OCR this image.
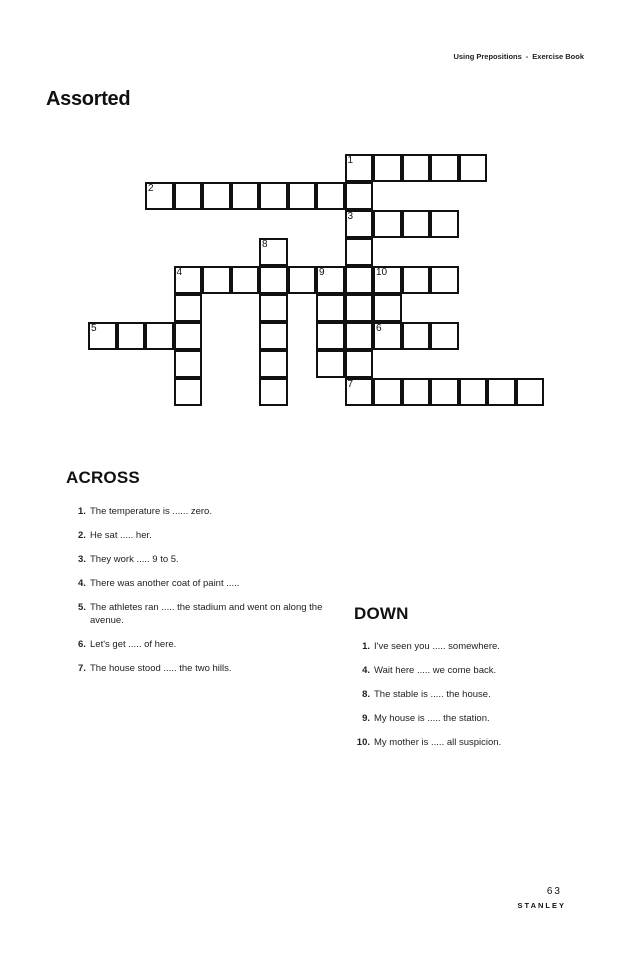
Using Prepositions - Exercise Book
Assorted
1
2
3
4	9	10
5	6
7
8
ACROSS
1. The temperature is ...... zero.
2. He sat ..... her.
3. They work ..... 9 to 5.
4. There was another coat of paint .....
5. The athletes ran ..... the stadium and went on along the avenue.
6. Let's get ..... of here.
7. The house stood ..... the two hills.
DOWN
1. I've seen you ..... somewhere.
4. Wait here ..... we come back.
8. The stable is ..... the house.
9. My house is ..... the station.
10. My mother is ..... all suspicion.
63
STANLEY
